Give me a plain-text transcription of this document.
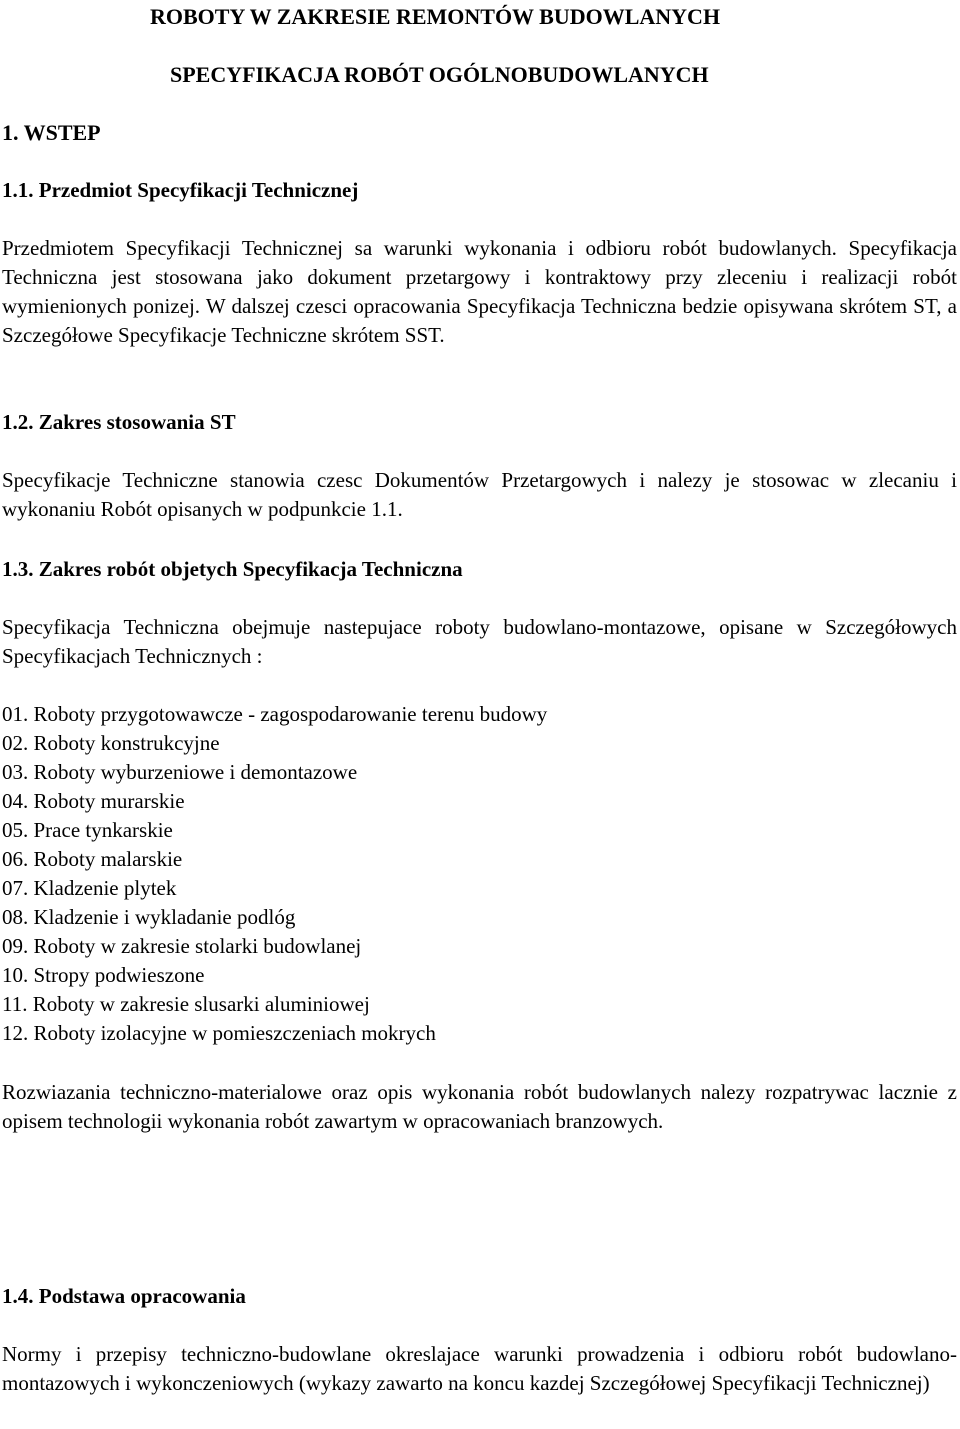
ROBOTY W ZAKRESIE REMONTÓW BUDOWLANYCH
SPECYFIKACJA ROBÓT OGÓLNOBUDOWLANYCH
1. WSTEP
1.1. Przedmiot Specyfikacji Technicznej
Przedmiotem Specyfikacji Technicznej sa warunki wykonania i odbioru robót budowlanych. Specyfikacja Techniczna jest stosowana jako dokument przetargowy i kontraktowy przy zleceniu i realizacji robót wymienionych ponizej. W dalszej czesci opracowania Specyfikacja Techniczna bedzie opisywana skrótem ST, a Szczegółowe Specyfikacje Techniczne skrótem SST.
1.2. Zakres stosowania ST
Specyfikacje Techniczne stanowia czesc Dokumentów Przetargowych i nalezy je stosowac w zlecaniu i wykonaniu Robót opisanych w podpunkcie 1.1.
1.3. Zakres robót objetych Specyfikacja Techniczna
Specyfikacja Techniczna obejmuje nastepujace roboty budowlano-montazowe, opisane w Szczegółowych Specyfikacjach Technicznych :
01. Roboty przygotowawcze - zagospodarowanie terenu budowy
02. Roboty konstrukcyjne
03. Roboty wyburzeniowe i demontazowe
04. Roboty murarskie
05. Prace tynkarskie
06. Roboty malarskie
07. Kladzenie plytek
08. Kladzenie i wykladanie podlóg
09. Roboty w zakresie stolarki budowlanej
10. Stropy podwieszone
11. Roboty w zakresie slusarki aluminiowej
12. Roboty izolacyjne w pomieszczeniach mokrych
Rozwiazania techniczno-materialowe oraz opis wykonania robót budowlanych nalezy rozpatrywac lacznie z opisem technologii wykonania robót zawartym w opracowaniach branzowych.
1.4. Podstawa opracowania
Normy i przepisy techniczno-budowlane okreslajace warunki prowadzenia i odbioru robót budowlano-montazowych i wykonczeniowych (wykazy zawarto na koncu kazdej Szczegółowej Specyfikacji Technicznej)
